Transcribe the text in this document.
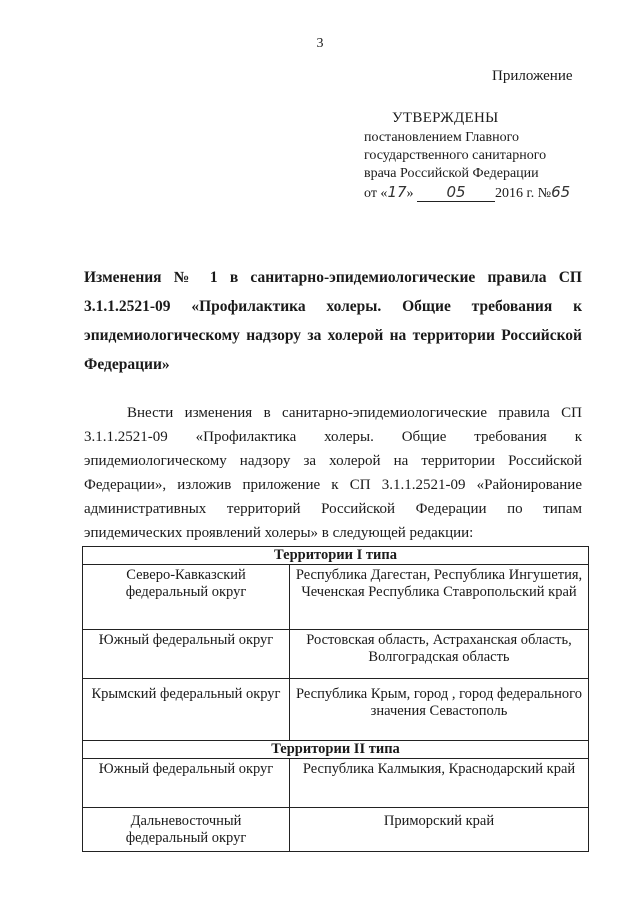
3
Приложение
УТВЕРЖДЕНЫ
постановлением Главного
государственного санитарного
врача Российской Федерации
от «17» 05 2016 г. №65
Изменения № 1 в санитарно-эпидемиологические правила СП 3.1.1.2521-09 «Профилактика холеры. Общие требования к эпидемиологическому надзору за холерой на территории Российской Федерации»
Внести изменения в санитарно-эпидемиологические правила СП 3.1.1.2521-09 «Профилактика холеры. Общие требования к эпидемиологическому надзору за холерой на территории Российской Федерации», изложив приложение к СП 3.1.1.2521-09 «Районирование административных территорий Российской Федерации по типам эпидемических проявлений холеры» в следующей редакции:
Территории I типа	
Северо-Кавказский федеральный округ	Республика Дагестан, Республика Ингушетия, Чеченская Республика Ставропольский край
Южный федеральный округ	Ростовская область, Астраханская область, Волгоградская область
Крымский федеральный округ	Республика Крым, город , город федерального значения Севастополь
Территории II типа	
Южный федеральный округ	Республика Калмыкия, Краснодарский край
Дальневосточный федеральный округ	Приморский край
